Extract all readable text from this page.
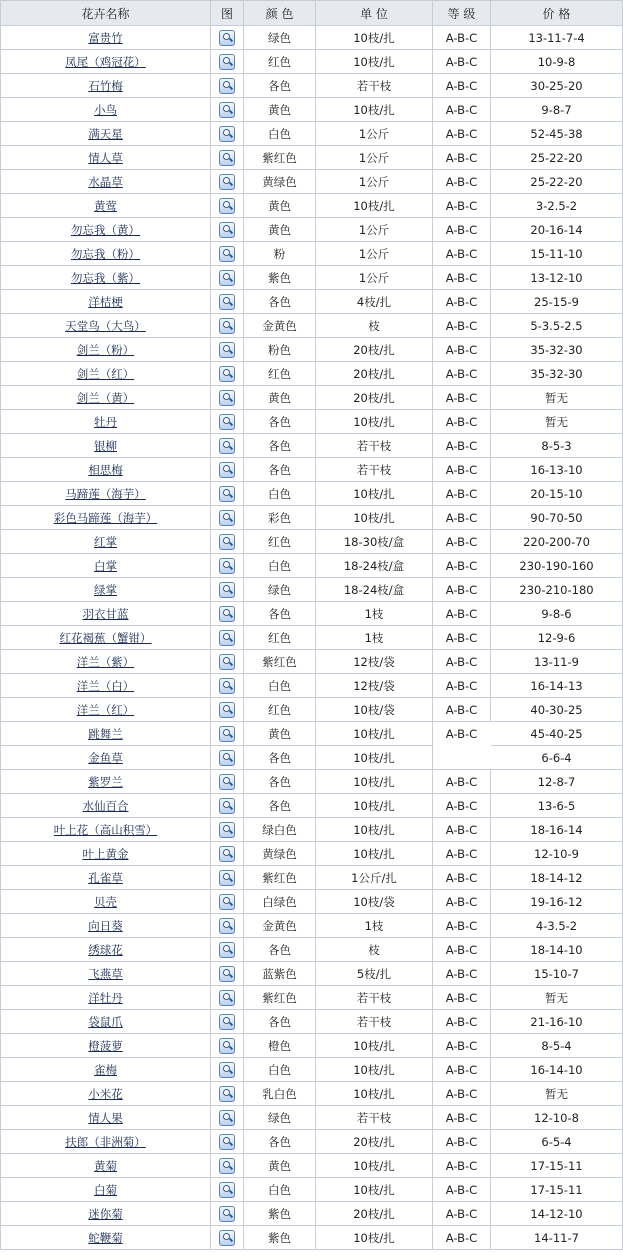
花卉名称	图	颜 色	单 位	等 级	价 格
富贵竹		绿色	10枝/扎	A-B-C	13-11-7-4
凤尾（鸡冠花）		红色	10枝/扎	A-B-C	10-9-8
石竹梅		各色	若干枝	A-B-C	30-25-20
小鸟		黄色	10枝/扎	A-B-C	9-8-7
满天星		白色	1公斤	A-B-C	52-45-38
情人草		紫红色	1公斤	A-B-C	25-22-20
水晶草		黄绿色	1公斤	A-B-C	25-22-20
黄莺		黄色	10枝/扎	A-B-C	3-2.5-2
勿忘我（黄）		黄色	1公斤	A-B-C	20-16-14
勿忘我（粉）		粉	1公斤	A-B-C	15-11-10
勿忘我（紫）		紫色	1公斤	A-B-C	13-12-10
洋桔梗		各色	4枝/扎	A-B-C	25-15-9
天堂鸟（大鸟）		金黄色	枝	A-B-C	5-3.5-2.5
剑兰（粉）		粉色	20枝/扎	A-B-C	35-32-30
剑兰（红）		红色	20枝/扎	A-B-C	35-32-30
剑兰（黄）		黄色	20枝/扎	A-B-C	暂无
牡丹		各色	10枝/扎	A-B-C	暂无
银柳		各色	若干枝	A-B-C	8-5-3
相思梅		各色	若干枝	A-B-C	16-13-10
马蹄莲（海芋）		白色	10枝/扎	A-B-C	20-15-10
彩色马蹄莲（海芋）		彩色	10枝/扎	A-B-C	90-70-50
红掌		红色	18-30枝/盒	A-B-C	220-200-70
白掌		白色	18-24枝/盒	A-B-C	230-190-160
绿掌		绿色	18-24枝/盒	A-B-C	230-210-180
羽衣甘蓝		各色	1枝	A-B-C	9-8-6
红花褐蕉（蟹钳）		红色	1枝	A-B-C	12-9-6
洋兰（紫）		紫红色	12枝/袋	A-B-C	13-11-9
洋兰（白）		白色	12枝/袋	A-B-C	16-14-13
洋兰（红）		红色	10枝/袋	A-B-C	40-30-25
跳舞兰		黄色	10枝/扎	A-B-C	45-40-25
金鱼草		各色	10枝/扎		6-6-4
紫罗兰		各色	10枝/扎	A-B-C	12-8-7
水仙百合		各色	10枝/扎	A-B-C	13-6-5
叶上花（高山积雪）		绿白色	10枝/扎	A-B-C	18-16-14
叶上黄金		黄绿色	10枝/扎	A-B-C	12-10-9
孔雀草		紫红色	1公斤/扎	A-B-C	18-14-12
贝壳		白绿色	10枝/袋	A-B-C	19-16-12
向日葵		金黄色	1枝	A-B-C	4-3.5-2
绣球花		各色	枝	A-B-C	18-14-10
飞燕草		蓝紫色	5枝/扎	A-B-C	15-10-7
洋牡丹		紫红色	若干枝	A-B-C	暂无
袋鼠爪		各色	若干枝	A-B-C	21-16-10
橙菠萝		橙色	10枝/扎	A-B-C	8-5-4
雀梅		白色	10枝/扎	A-B-C	16-14-10
小米花		乳白色	10枝/扎	A-B-C	暂无
情人果		绿色	若干枝	A-B-C	12-10-8
扶郎（非洲菊）		各色	20枝/扎	A-B-C	6-5-4
黄菊		黄色	10枝/扎	A-B-C	17-15-11
白菊		白色	10枝/扎	A-B-C	17-15-11
迷你菊		紫色	20枝/扎	A-B-C	14-12-10
蛇鞭菊		紫色	10枝/扎	A-B-C	14-11-7
